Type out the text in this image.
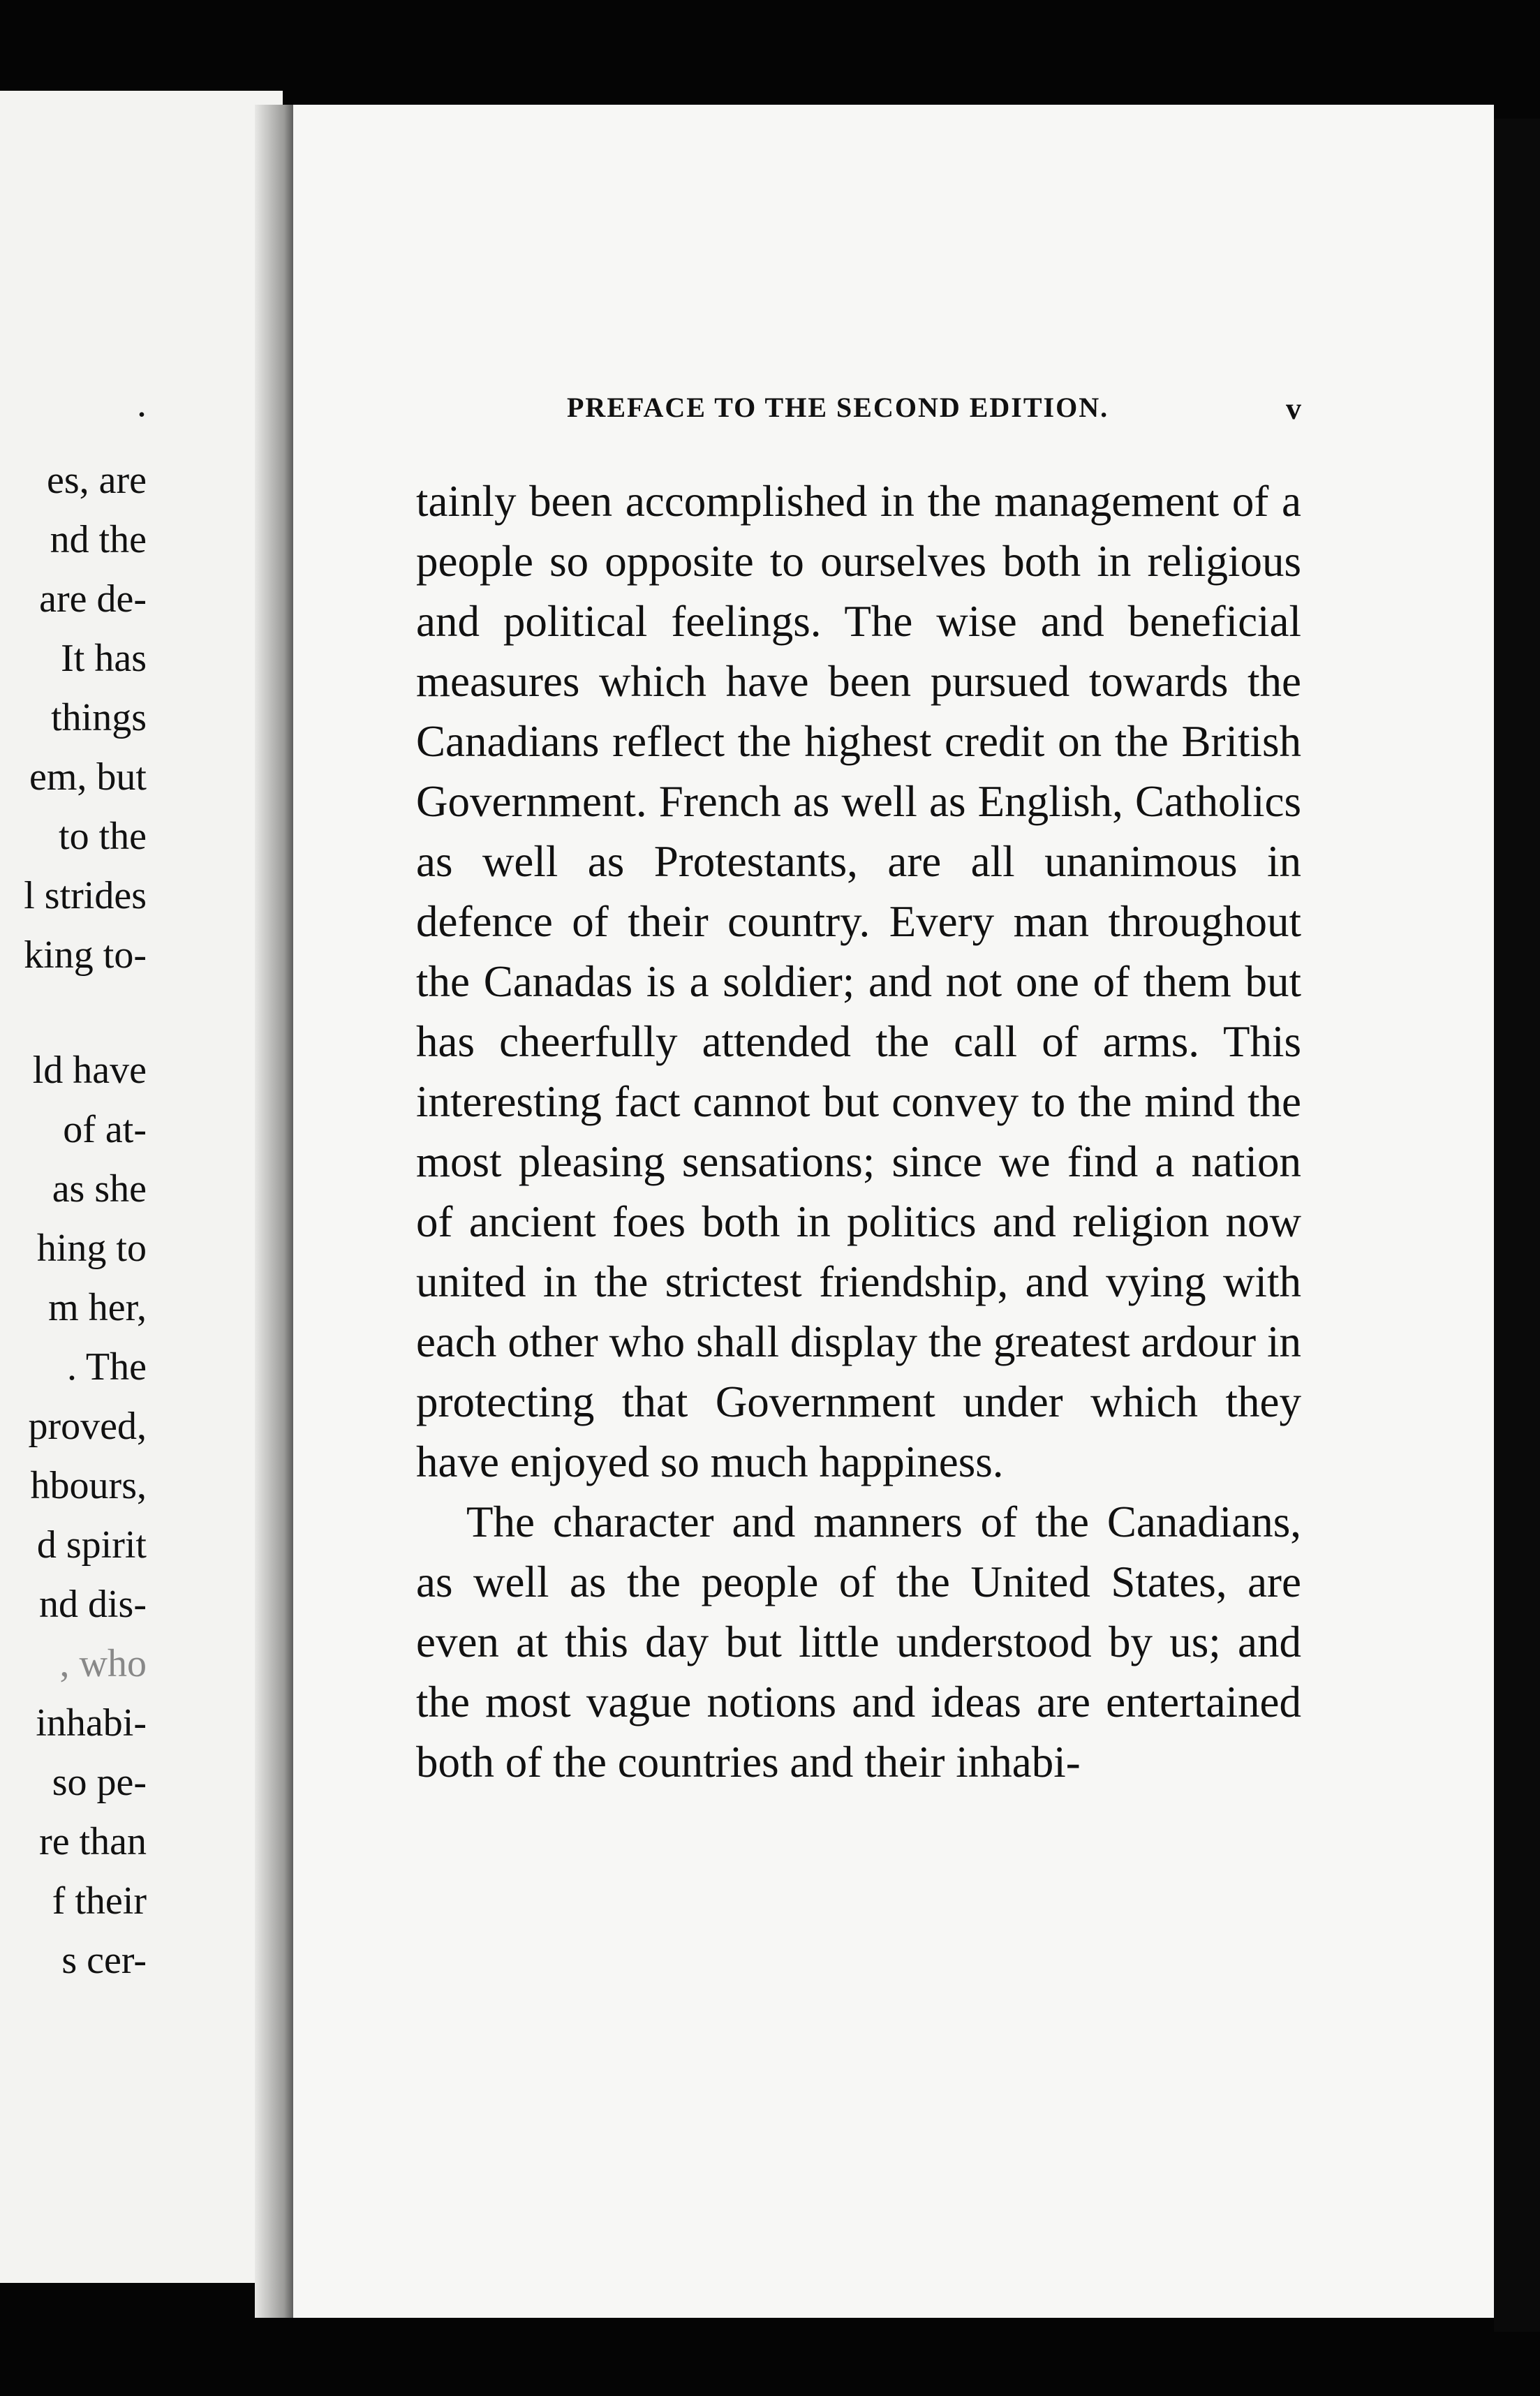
.
es, are
nd the
are de-
It has
things
em, but
to the
l strides
king to-
ld have
of at-
as she
hing to
m her,
. The
proved,
hbours,
d spirit
nd dis-
, who
inhabi-
so pe-
re than
f their
s cer-
PREFACE TO THE SECOND EDITION.	v

tainly been accomplished in the management of a people so opposite to ourselves both in religious and political feelings. The wise and beneficial measures which have been pursued towards the Canadians reflect the highest credit on the British Government. French as well as English, Catholics as well as Protestants, are all unanimous in defence of their country. Every man throughout the Canadas is a soldier; and not one of them but has cheerfully attended the call of arms. This interesting fact cannot but convey to the mind the most pleasing sensations; since we find a nation of ancient foes both in politics and religion now united in the strictest friendship, and vying with each other who shall display the greatest ardour in protecting that Government under which they have enjoyed so much happiness.

The character and manners of the Canadians, as well as the people of the United States, are even at this day but little understood by us; and the most vague notions and ideas are entertained both of the countries and their inhabi-
